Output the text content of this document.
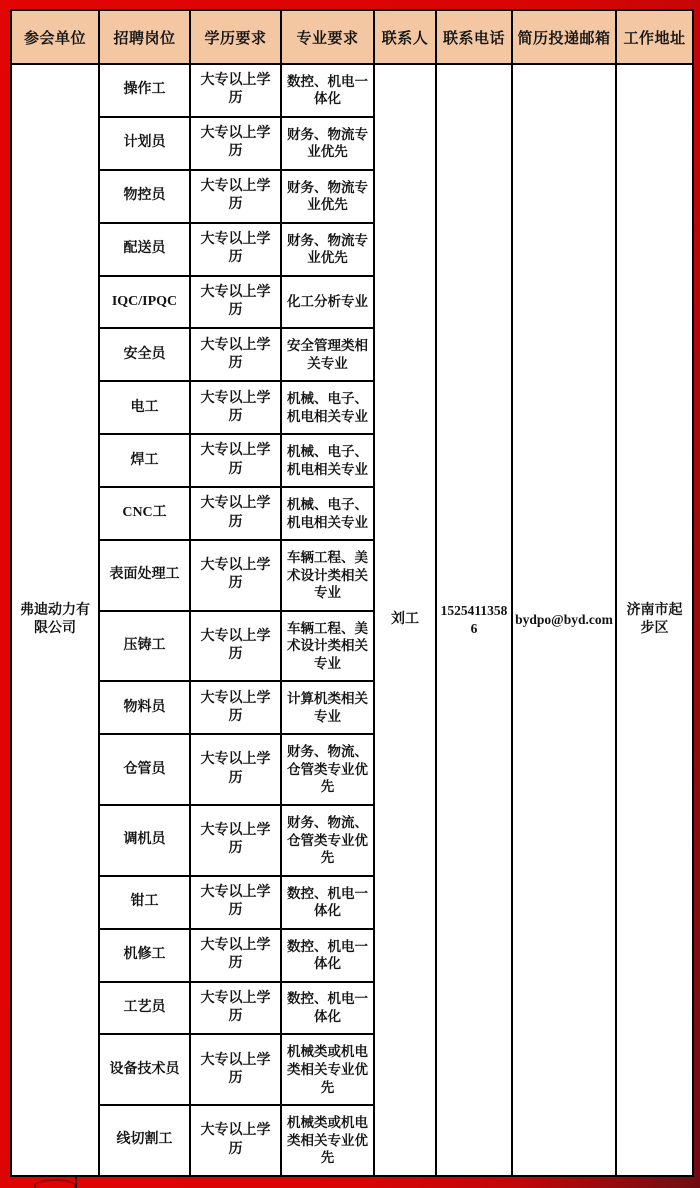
参会单位	招聘岗位	学历要求	专业要求	联系人	联系电话	简历投递邮箱	工作地址
弗迪动力有限公司	操作工	大专以上学历	数控、机电一体化	刘工	15254113586	bydpo@byd.com	济南市起步区
	计划员	大专以上学历	财务、物流专业优先				
	物控员	大专以上学历	财务、物流专业优先				
	配送员	大专以上学历	财务、物流专业优先				
	IQC/IPQC	大专以上学历	化工分析专业				
	安全员	大专以上学历	安全管理类相关专业				
	电工	大专以上学历	机械、电子、机电相关专业				
	焊工	大专以上学历	机械、电子、机电相关专业				
	CNC工	大专以上学历	机械、电子、机电相关专业				
	表面处理工	大专以上学历	车辆工程、美术设计类相关专业				
	压铸工	大专以上学历	车辆工程、美术设计类相关专业				
	物料员	大专以上学历	计算机类相关专业				
	仓管员	大专以上学历	财务、物流、仓管类专业优先				
	调机员	大专以上学历	财务、物流、仓管类专业优先				
	钳工	大专以上学历	数控、机电一体化				
	机修工	大专以上学历	数控、机电一体化				
	工艺员	大专以上学历	数控、机电一体化				
	设备技术员	大专以上学历	机械类或机电类相关专业优先				
	线切割工	大专以上学历	机械类或机电类相关专业优先				
